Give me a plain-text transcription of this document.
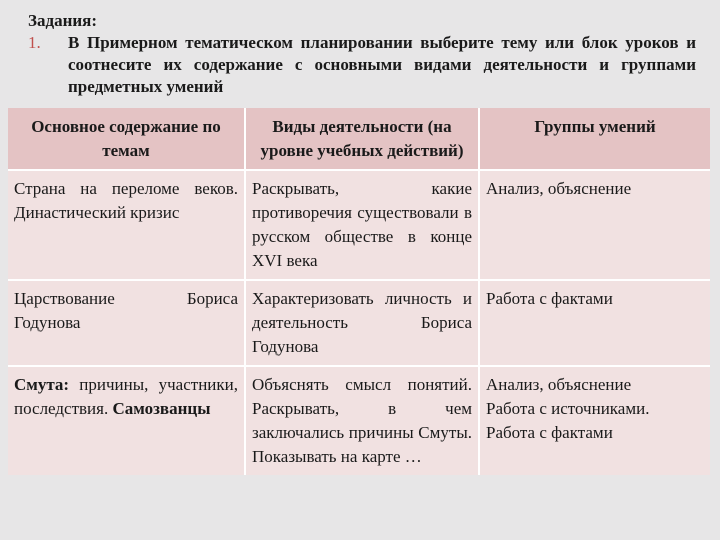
Задания:
1. В Примерном тематическом планировании выберите тему или блок уроков и соотнесите их содержание с основными видами деятельности и группами предметных умений
Основное содержание по темам	Виды деятельности (на уровне учебных действий)	Группы умений
Страна на переломе веков. Династический кризис	Раскрывать, какие противоречия существовали в русском обществе в конце XVI века	Анализ, объяснение

Царствование Бориса Годунова	Характеризовать личность и деятельность Бориса Годунова	Работа с фактами

Смута: причины, участники, последствия. Самозванцы	Объяснять смысл понятий. Раскрывать, в чем заключались причины Смуты. Показывать на карте …	Анализ, объяснение
Работа с источниками.
Работа с фактами
